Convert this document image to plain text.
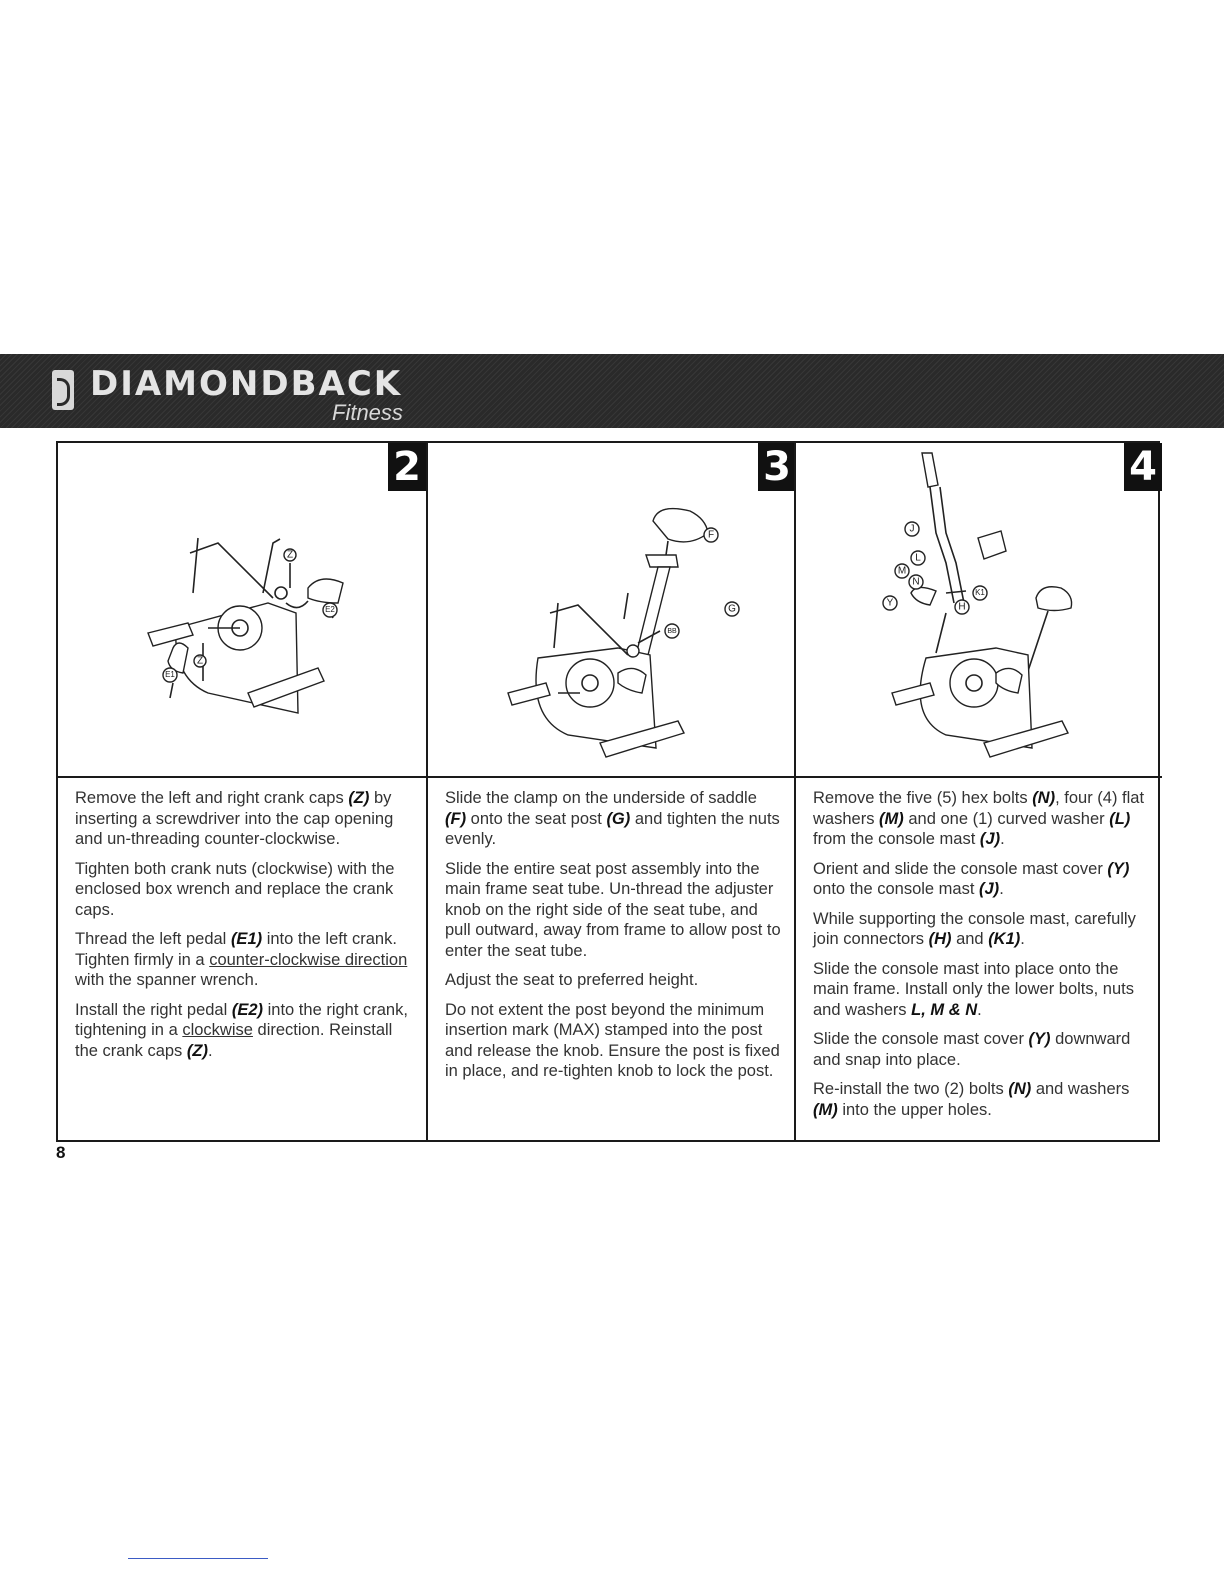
DIAMONDBACK
Fitness
Z
Z
E1
E2
2

Remove the left and right crank caps (Z) by inserting a screwdriver into the cap opening and un-threading counter-clockwise.

Tighten both crank nuts (clockwise) with the enclosed box wrench and replace the crank caps.

Thread the left pedal (E1) into the left crank. Tighten firmly in a counter-clockwise direction with the spanner wrench.

Install the right pedal (E2) into the right crank, tightening in a clockwise direction. Reinstall the crank caps (Z).

F
G
BB
3

Slide the clamp on the underside of saddle (F) onto the seat post (G) and tighten the nuts evenly.

Slide the entire seat post assembly into the main frame seat tube. Un-thread the adjuster knob on the right side of the seat tube, and pull outward, away from frame to allow post to enter the seat tube.

Adjust the seat to preferred height.

Do not extent the post beyond the minimum insertion mark (MAX) stamped into the post and release the knob. Ensure the post is fixed in place, and re-tighten knob to lock the post.

J
L
M
N
Y	H
K1
4

Remove the five (5) hex bolts (N), four (4) flat washers (M) and one (1) curved washer (L) from the console mast (J).

Orient and slide the console mast cover (Y) onto the console mast (J).

While supporting the console mast, carefully join connectors (H) and (K1).

Slide the console mast into place onto the main frame. Install only the lower bolts, nuts and washers L, M & N.

Slide the console mast cover (Y) downward and snap into place.

Re-install the two (2) bolts (N) and washers (M) into the upper holes.

8
